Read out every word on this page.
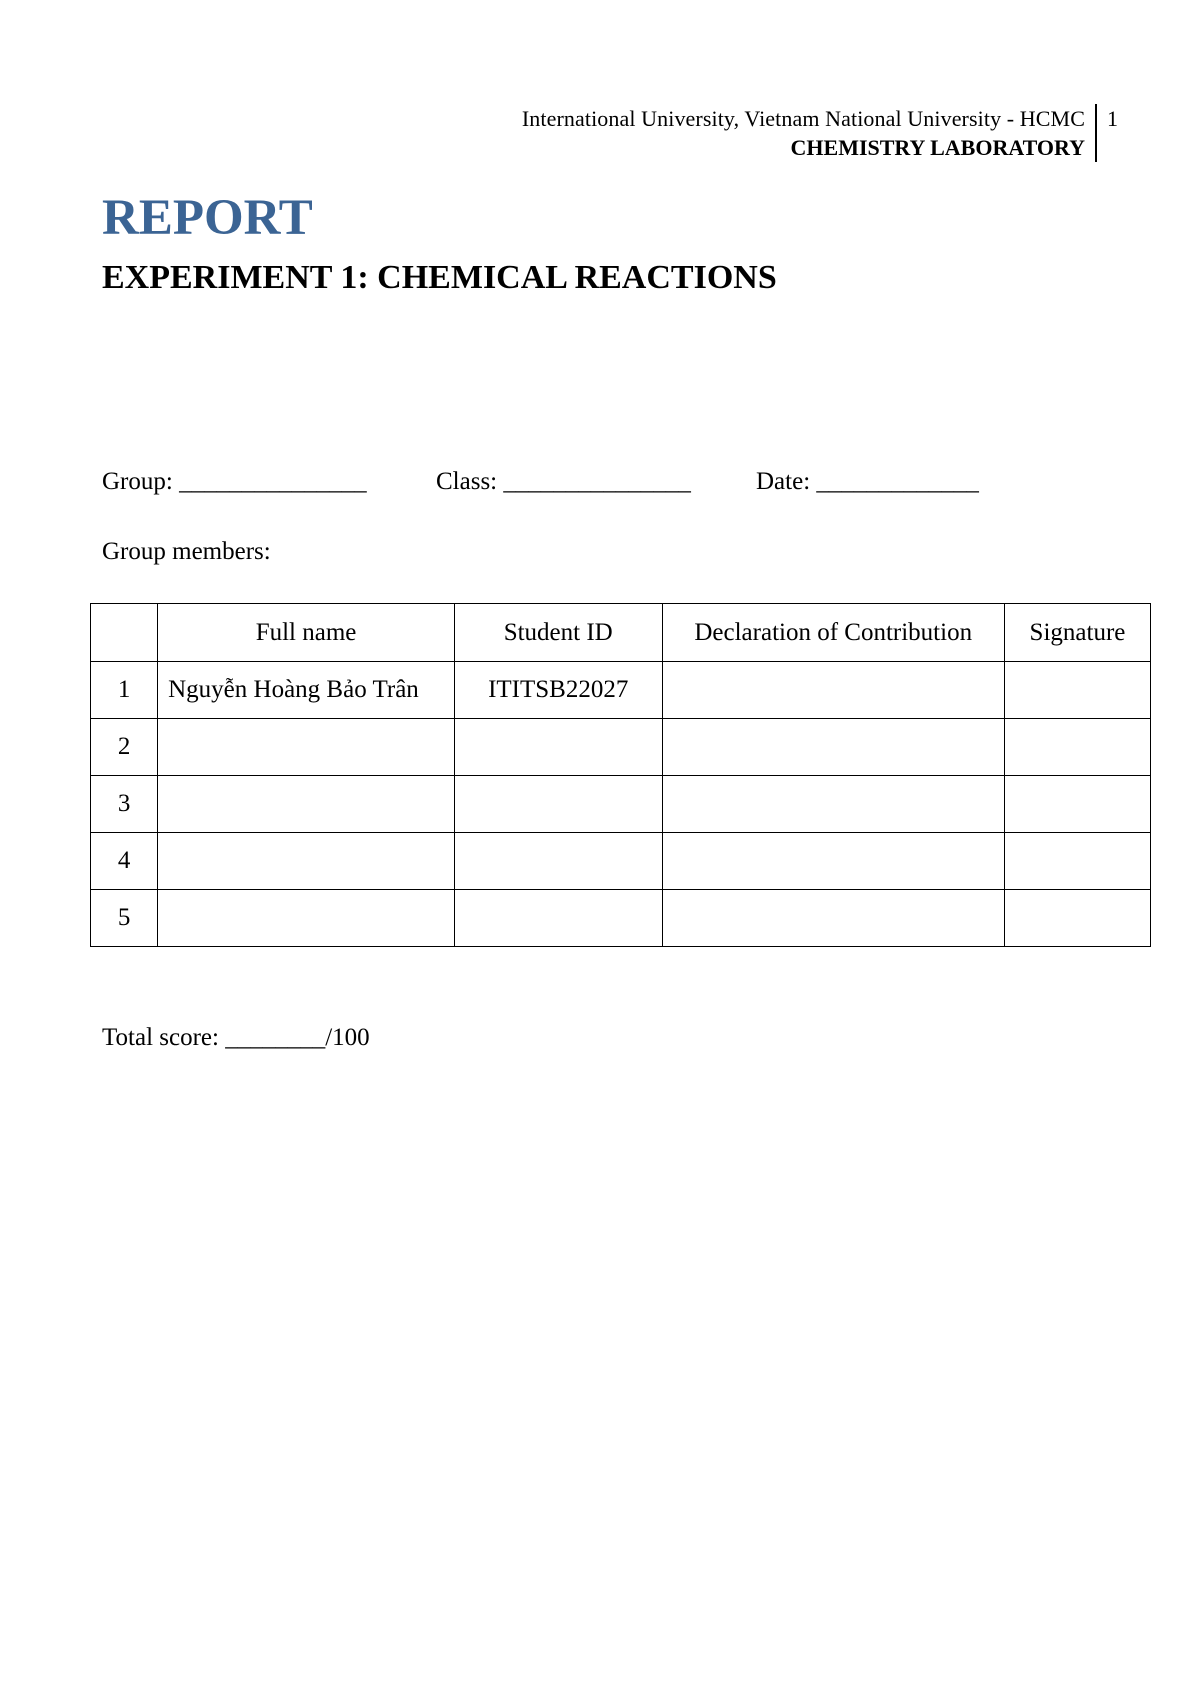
International University, Vietnam National University - HCMC
CHEMISTRY LABORATORY
1
REPORT
EXPERIMENT 1: CHEMICAL REACTIONS
Group: _______________	Class: _______________	Date: _____________
Group members:
	Full name	Student ID	Declaration of Contribution	Signature
1	Nguyễn Hoàng Bảo Trân	ITITSB22027		
2				
3				
4				
5				
Total score: ________/100
